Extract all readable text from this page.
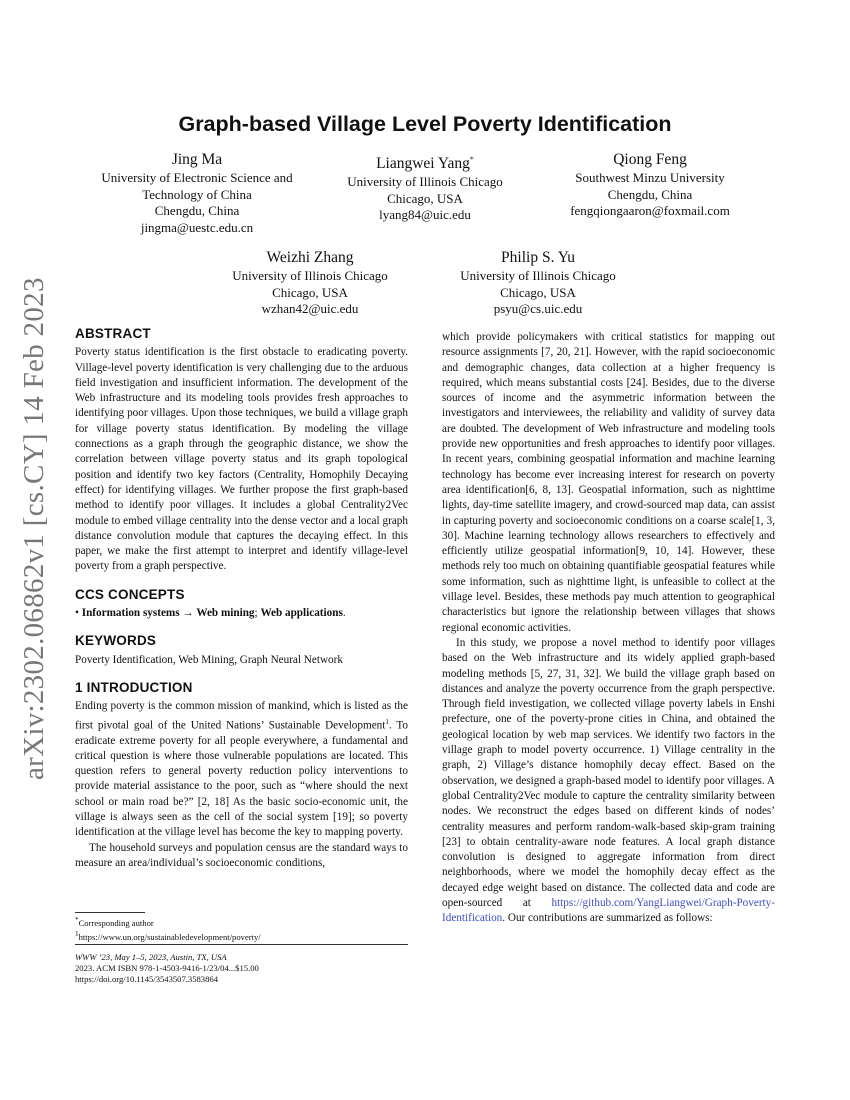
arXiv:2302.06862v1 [cs.CY] 14 Feb 2023
Graph-based Village Level Poverty Identification
Jing Ma
University of Electronic Science and Technology of China
Chengdu, China
jingma@uestc.edu.cn
Liangwei Yang*
University of Illinois Chicago
Chicago, USA
lyang84@uic.edu
Qiong Feng
Southwest Minzu University
Chengdu, China
fengqiongaaron@foxmail.com
Weizhi Zhang
University of Illinois Chicago
Chicago, USA
wzhan42@uic.edu
Philip S. Yu
University of Illinois Chicago
Chicago, USA
psyu@cs.uic.edu
ABSTRACT

Poverty status identification is the first obstacle to eradicating poverty. Village-level poverty identification is very challenging due to the arduous field investigation and insufficient information. The development of the Web infrastructure and its modeling tools provides fresh approaches to identifying poor villages. Upon those techniques, we build a village graph for village poverty status identification. By modeling the village connections as a graph through the geographic distance, we show the correlation between village poverty status and its graph topological position and identify two key factors (Centrality, Homophily Decaying effect) for identifying villages. We further propose the first graph-based method to identify poor villages. It includes a global Centrality2Vec module to embed village centrality into the dense vector and a local graph distance convolution module that captures the decaying effect. In this paper, we make the first attempt to interpret and identify village-level poverty from a graph perspective.

CCS CONCEPTS

• Information systems → Web mining; Web applications.

KEYWORDS

Poverty Identification, Web Mining, Graph Neural Network

1 INTRODUCTION

Ending poverty is the common mission of mankind, which is listed as the first pivotal goal of the United Nations’ Sustainable Development$^1$. To eradicate extreme poverty for all people everywhere, a fundamental and critical question is where those vulnerable populations are located. This question refers to general poverty reduction policy interventions to provide material assistance to the poor, such as “where should the next school or main road be?” [2, 18] As the basic socio-economic unit, the village is always seen as the cell of the social system [19]; so poverty identification at the village level has become the key to mapping poverty.

The household surveys and population census are the standard ways to measure an area/individual’s socioeconomic conditions,

*Corresponding author
$^1$https://www.un.org/sustainabledevelopment/poverty/
WWW ’23, May 1–5, 2023, Austin, TX, USA
2023. ACM ISBN 978-1-4503-9416-1/23/04...$15.00
https://doi.org/10.1145/3543507.3583864

which provide policymakers with critical statistics for mapping out resource assignments [7, 20, 21]. However, with the rapid socioeconomic and demographic changes, data collection at a higher frequency is required, which means substantial costs [24]. Besides, due to the diverse sources of income and the asymmetric information between the investigators and interviewees, the reliability and validity of survey data are doubted. The development of Web infrastructure and modeling tools provide new opportunities and fresh approaches to identify poor villages. In recent years, combining geospatial information and machine learning technology has become ever increasing interest for research on poverty area identification[6, 8, 13]. Geospatial information, such as nighttime lights, day-time satellite imagery, and crowd-sourced map data, can assist in capturing poverty and socioeconomic conditions on a coarse scale[1, 3, 30]. Machine learning technology allows researchers to effectively and efficiently utilize geospatial information[9, 10, 14]. However, these methods rely too much on obtaining quantifiable geospatial features while some information, such as nighttime light, is unfeasible to collect at the village level. Besides, these methods pay much attention to geographical characteristics but ignore the relationship between villages that shows regional economic activities.

In this study, we propose a novel method to identify poor villages based on the Web infrastructure and its widely applied graph-based modeling methods [5, 27, 31, 32]. We build the village graph based on distances and analyze the poverty occurrence from the graph perspective. Through field investigation, we collected village poverty labels in Enshi prefecture, one of the poverty-prone cities in China, and obtained the geological location by web map services. We identify two factors in the village graph to model poverty occurrence. 1) Village centrality in the graph, 2) Village’s distance homophily decay effect. Based on the observation, we designed a graph-based model to identify poor villages. A global Centrality2Vec module to capture the centrality similarity between nodes. We reconstruct the edges based on different kinds of nodes’ centrality measures and perform random-walk-based skip-gram training [23] to obtain centrality-aware node features. A local graph distance convolution is designed to aggregate information from direct neighborhoods, where we model the homophily decay effect as the decayed edge weight based on distance. The collected data and code are open-sourced at https://github.com/YangLiangwei/Graph-Poverty-Identification. Our contributions are summarized as follows:
